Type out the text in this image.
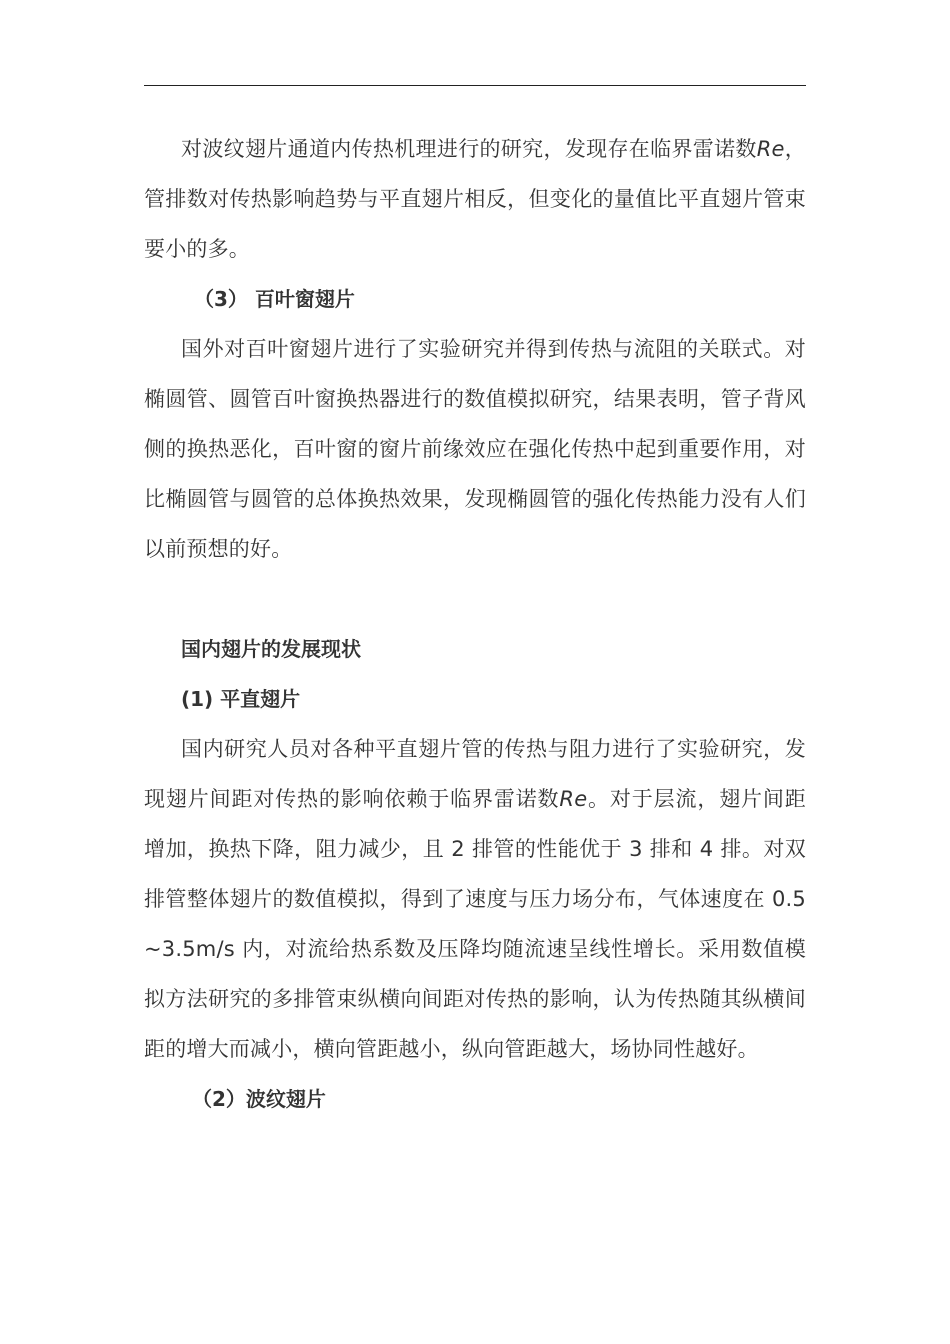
对波纹翅片通道内传热机理进行的研究，发现存在临界雷诺数Re，管排数对传热影响趋势与平直翅片相反，但变化的量值比平直翅片管束要小的多。

（3） 百叶窗翅片

国外对百叶窗翅片进行了实验研究并得到传热与流阻的关联式。对椭圆管、圆管百叶窗换热器进行的数值模拟研究，结果表明，管子背风侧的换热恶化，百叶窗的窗片前缘效应在强化传热中起到重要作用，对比椭圆管与圆管的总体换热效果，发现椭圆管的强化传热能力没有人们以前预想的好。

国内翅片的发展现状
(1) 平直翅片

国内研究人员对各种平直翅片管的传热与阻力进行了实验研究，发现翅片间距对传热的影响依赖于临界雷诺数Re。对于层流，翅片间距增加，换热下降，阻力减少，且 2 排管的性能优于 3 排和 4 排。对双排管整体翅片的数值模拟，得到了速度与压力场分布，气体速度在 0.5~3.5m/s 内，对流给热系数及压降均随流速呈线性增长。采用数值模拟方法研究的多排管束纵横向间距对传热的影响，认为传热随其纵横间距的增大而减小，横向管距越小，纵向管距越大，场协同性越好。

（2）波纹翅片
